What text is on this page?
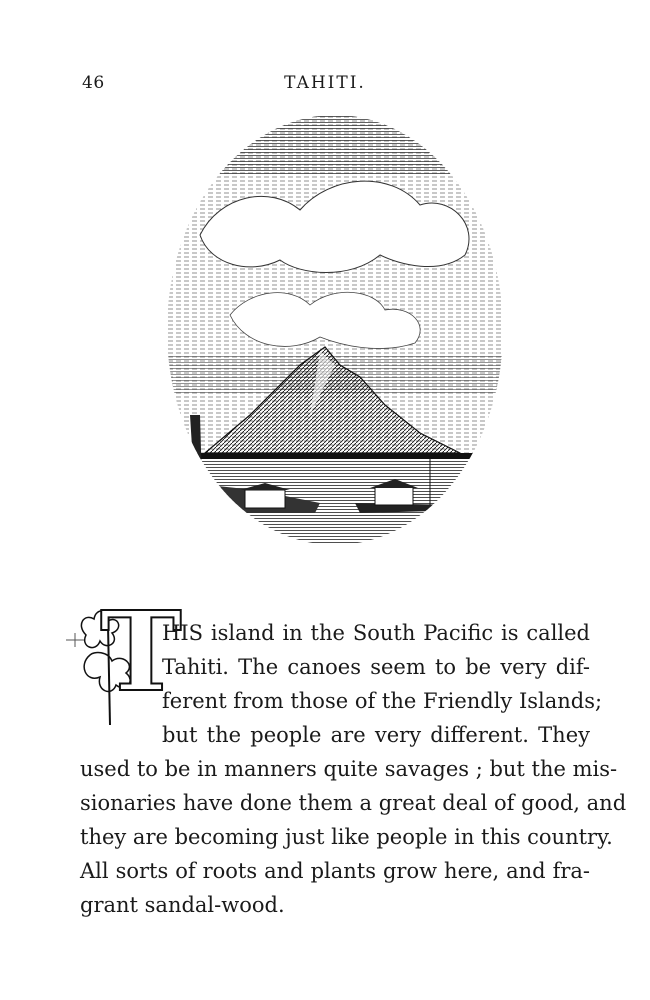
46	TAHITI.
T
HIS island in the South Pacific is called
Tahiti. The canoes seem to be very dif-
ferent from those of the Friendly Islands;
but the people are very different. They
used to be in manners quite savages ; but the mis-
sionaries have done them a great deal of good, and
they are becoming just like people in this country.
All sorts of roots and plants grow here, and fra-
grant sandal-wood.
